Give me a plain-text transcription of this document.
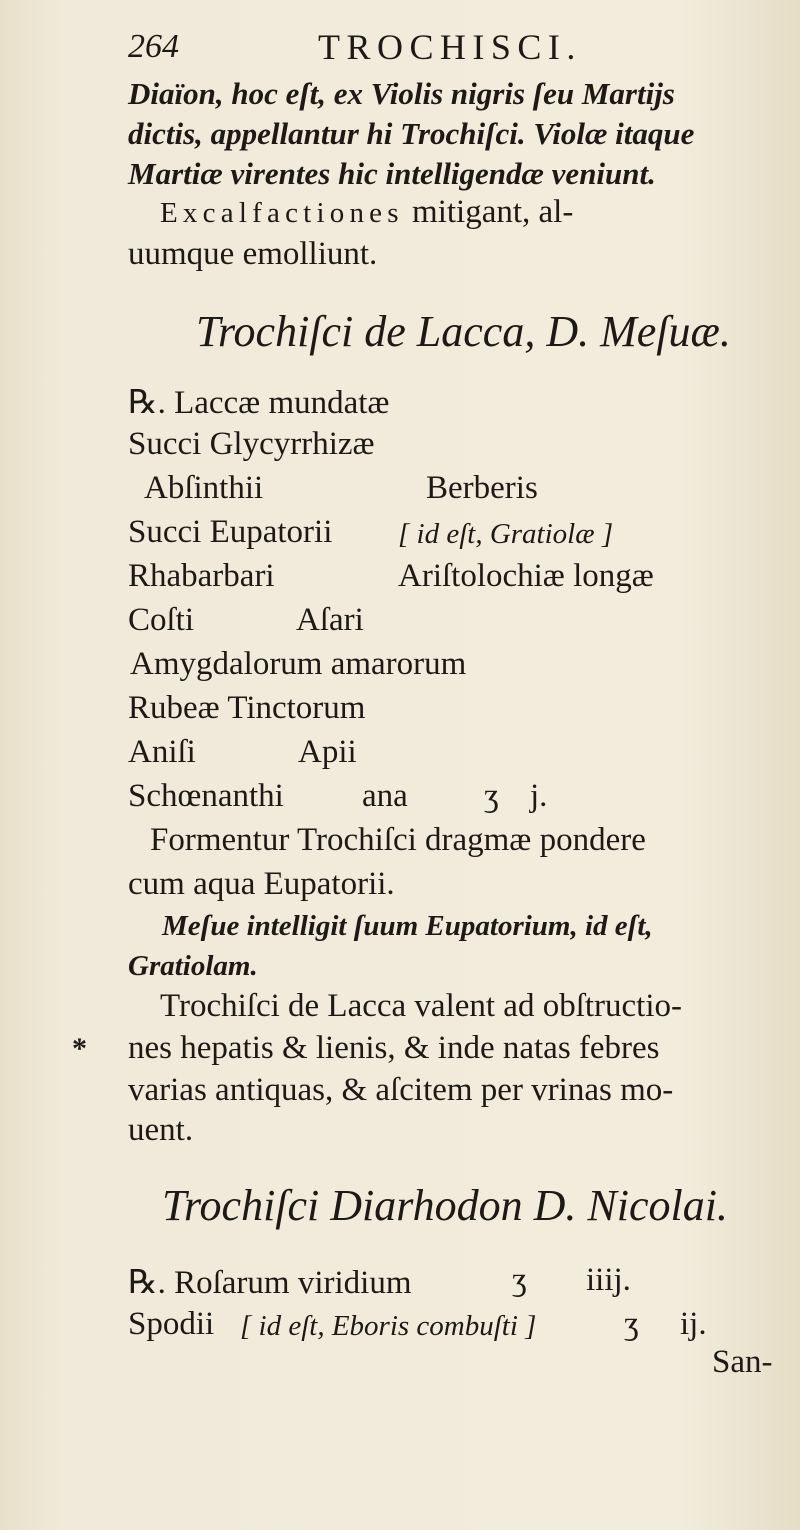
264	TROCHISCI.
Diaïon, hoc eſt, ex Violis nigris ſeu Martijs
dictis, appellantur hi Trochiſci. Violæ itaque
Martiæ virentes hic intelligendæ veniunt.
Excalfactiones mitigant, al-
uumque emolliunt.
Trochiſci de Lacca, D. Meſuæ.
℞. Laccæ mundatæ
Succi Glycyrrhizæ
Abſinthii	Berberis
Succi Eupatorii [ id eſt, Gratiolæ ]
Rhabarbari	Ariſtolochiæ longæ
Coſti	Aſari
Amygdalorum amarorum
Rubeæ Tinctorum
Aniſi	Apii
Schœnanthi ana ʒ j.
Formentur Trochiſci dragmæ pondere
cum aqua Eupatorii.
Meſue intelligit ſuum Eupatorium, id eſt,
Gratiolam.
Trochiſci de Lacca valent ad obſtructio-
* nes hepatis & lienis, & inde natas febres
varias antiquas, & aſcitem per vrinas mo-
uent.
Trochiſci Diarhodon D. Nicolai.
℞. Roſarum viridium	ʒ iiij.
Spodii [ id eſt, Eboris combuſti ]	ʒ ij.
San-
